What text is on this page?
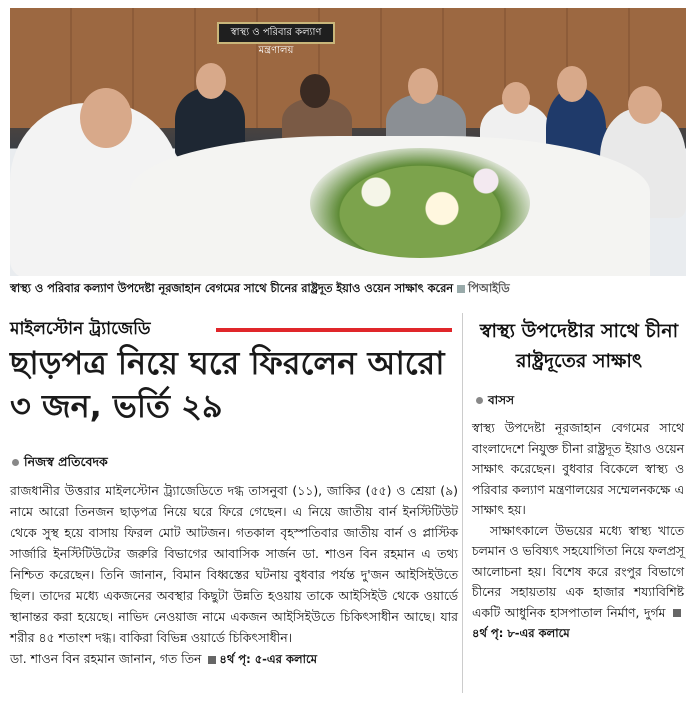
স্বাস্থ্য ও পরিবার কল্যাণ মন্ত্রণালয়
স্বাস্থ্য ও পরিবার কল্যাণ উপদেষ্টা নূরজাহান বেগমের সাথে চীনের রাষ্ট্রদূত ইয়াও ওয়েন সাক্ষাৎ করেন পিআইডি
মাইলস্টোন ট্র্যাজেডি
ছাড়পত্র নিয়ে ঘরে ফিরলেন আরো ৩ জন, ভর্তি ২৯
নিজস্ব প্রতিবেদক

রাজধানীর উত্তরার মাইলস্টোন ট্র্যাজেডিতে দগ্ধ তাসনুবা (১১), জাকির (৫৫) ও শ্রেয়া (৯) নামে আরো তিনজন ছাড়পত্র নিয়ে ঘরে ফিরে গেছেন। এ নিয়ে জাতীয় বার্ন ইনস্টিটিউট থেকে সুস্থ হয়ে বাসায় ফিরল মোট আটজন। গতকাল বৃহস্পতিবার জাতীয় বার্ন ও প্লাস্টিক সার্জারি ইনস্টিটিউটের জরুরি বিভাগের আবাসিক সার্জন ডা. শাওন বিন রহমান এ তথ্য নিশ্চিত করেছেন। তিনি জানান, বিমান বিধ্বস্তের ঘটনায় বুধবার পর্যন্ত দু'জন আইসিইউতে ছিল। তাদের মধ্যে একজনের অবস্থার কিছুটা উন্নতি হওয়ায় তাকে আইসিইউ থেকে ওয়ার্ডে স্থানান্তর করা হয়েছে। নাভিদ নেওয়াজ নামে একজন আইসিইউতে চিকিৎসাধীন আছে। যার শরীর ৪৫ শতাংশ দগ্ধ। বাকিরা বিভিন্ন ওয়ার্ডে চিকিৎসাধীন।

ডা. শাওন বিন রহমান জানান, গত তিন ৪র্থ পৃ: ৫-এর কলামে

স্বাস্থ্য উপদেষ্টার সাথে চীনা রাষ্ট্রদূতের সাক্ষাৎ
বাসস

স্বাস্থ্য উপদেষ্টা নূরজাহান বেগমের সাথে বাংলাদেশে নিযুক্ত চীনা রাষ্ট্রদূত ইয়াও ওয়েন সাক্ষাৎ করেছেন। বুধবার বিকেলে স্বাস্থ্য ও পরিবার কল্যাণ মন্ত্রণালয়ের সম্মেলনকক্ষে এ সাক্ষাৎ হয়।

সাক্ষাৎকালে উভয়ের মধ্যে স্বাস্থ্য খাতে চলমান ও ভবিষ্যৎ সহযোগিতা নিয়ে ফলপ্রসূ আলোচনা হয়। বিশেষ করে রংপুর বিভাগে চীনের সহায়তায় এক হাজার শয্যাবিশিষ্ট একটি আধুনিক হাসপাতাল নির্মাণ, দুর্গম ৪র্থ পৃ: ৮-এর কলামে
